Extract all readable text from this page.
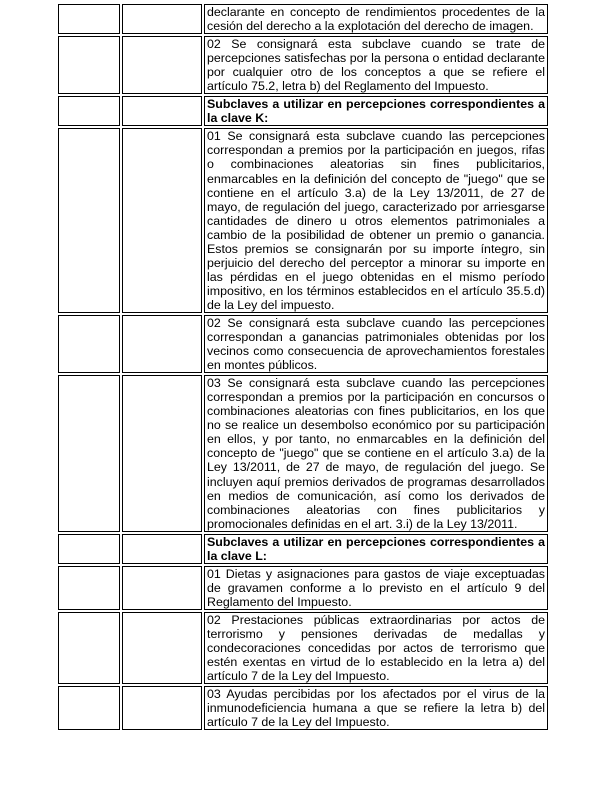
		declarante en concepto de rendimientos procedentes de la cesión del derecho a la explotación del derecho de imagen.
		02 Se consignará esta subclave cuando se trate de percepciones satisfechas por la persona o entidad declarante por cualquier otro de los conceptos a que se refiere el artículo 75.2, letra b) del Reglamento del Impuesto.
		Subclaves a utilizar en percepciones correspondientes a la clave K:
		01 Se consignará esta subclave cuando las percepciones correspondan a premios por la participación en juegos, rifas o combinaciones aleatorias sin fines publicitarios, enmarcables en la definición del concepto de "juego" que se contiene en el artículo 3.a) de la Ley 13/2011, de 27 de mayo, de regulación del juego, caracterizado por arriesgarse cantidades de dinero u otros elementos patrimoniales a cambio de la posibilidad de obtener un premio o ganancia. Estos premios se consignarán por su importe íntegro, sin perjuicio del derecho del perceptor a minorar su importe en las pérdidas en el juego obtenidas en el mismo período impositivo, en los términos establecidos en el artículo 35.5.d) de la Ley del impuesto.
		02 Se consignará esta subclave cuando las percepciones correspondan a ganancias patrimoniales obtenidas por los vecinos como consecuencia de aprovechamientos forestales en montes públicos.
		03 Se consignará esta subclave cuando las percepciones correspondan a premios por la participación en concursos o combinaciones aleatorias con fines publicitarios, en los que no se realice un desembolso económico por su participación en ellos, y por tanto, no enmarcables en la definición del concepto de "juego" que se contiene en el artículo 3.a) de la Ley 13/2011, de 27 de mayo, de regulación del juego. Se incluyen aquí premios derivados de programas desarrollados en medios de comunicación, así como los derivados de combinaciones aleatorias con fines publicitarios y promocionales definidas en el art. 3.i) de la Ley 13/2011.
		Subclaves a utilizar en percepciones correspondientes a la clave L:
		01 Dietas y asignaciones para gastos de viaje exceptuadas de gravamen conforme a lo previsto en el artículo 9 del Reglamento del Impuesto.
		02 Prestaciones públicas extraordinarias por actos de terrorismo y pensiones derivadas de medallas y condecoraciones concedidas por actos de terrorismo que estén exentas en virtud de lo establecido en la letra a) del artículo 7 de la Ley del Impuesto.
		03 Ayudas percibidas por los afectados por el virus de la inmunodeficiencia humana a que se refiere la letra b) del artículo 7 de la Ley del Impuesto.
